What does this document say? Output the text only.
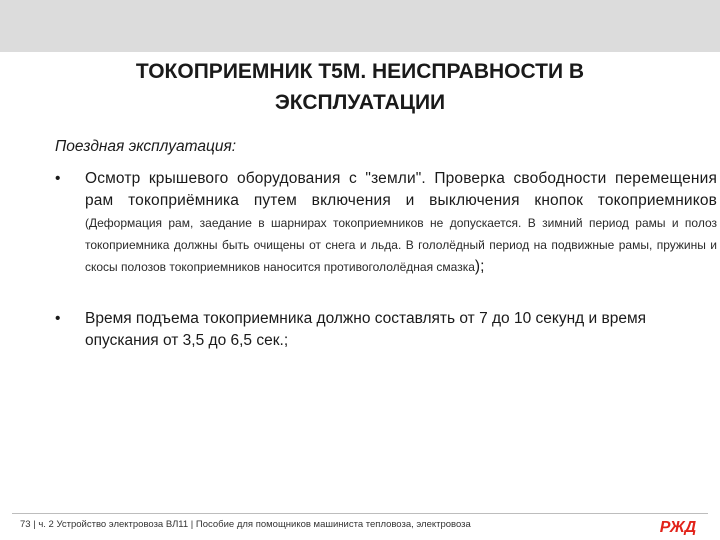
ТОКОПРИЕМНИК Т5М. НЕИСПРАВНОСТИ В
ЭКСПЛУАТАЦИИ
Поездная эксплуатация:
• Осмотр крышевого оборудования с "земли". Проверка свободности перемещения рам токоприёмника путем включения и выключения кнопок токоприемников (Деформация рам, заедание в шарнирах токоприемников не допускается. В зимний период рамы и полоз токоприемника должны быть очищены от снега и льда. В гололёдный период на подвижные рамы, пружины и скосы полозов токоприемников наносится противогололёдная смазка);
• Время подъема токоприемника должно составлять от 7 до 10 секунд и время опускания от 3,5 до 6,5 сек.;
73 | ч. 2 Устройство электровоза ВЛ11 | Пособие для помощников машиниста тепловоза, электровоза	РЖД
